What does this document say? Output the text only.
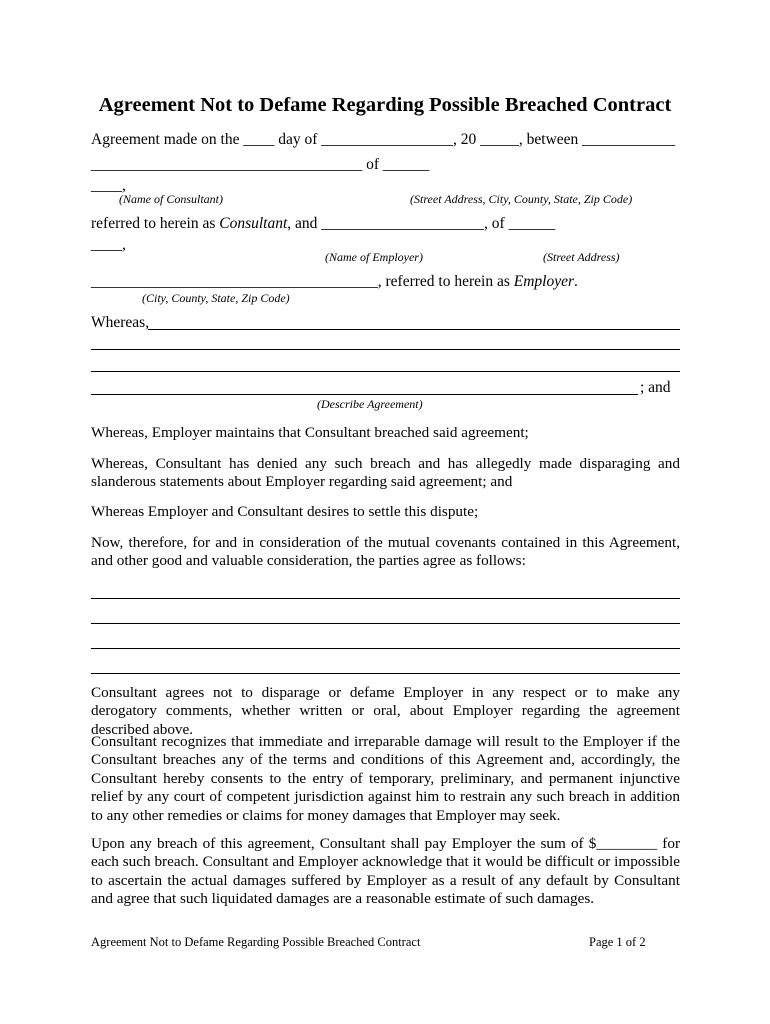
Agreement Not to Defame Regarding Possible Breached Contract
Agreement made on the ____ day of _________________, 20 _____, between ____________
___________________________________ of ______
____,
(Name of Consultant)	(Street Address, City, County, State, Zip Code)
referred to herein as Consultant, and _____________________, of ______
____,
(Name of Employer)	(Street Address)
_____________________________________, referred to herein as Employer.
(City, County, State, Zip Code)
Whereas,
; and
(Describe Agreement)
Whereas, Employer maintains that Consultant breached said agreement;
Whereas, Consultant has denied any such breach and has allegedly made disparaging and slanderous statements about Employer regarding said agreement; and
Whereas Employer and Consultant desires to settle this dispute;
Now, therefore, for and in consideration of the mutual covenants contained in this Agreement, and other good and valuable consideration, the parties agree as follows:
Consultant agrees not to disparage or defame Employer in any respect or to make any derogatory comments, whether written or oral, about Employer regarding the agreement described above.
Consultant recognizes that immediate and irreparable damage will result to the Employer if the Consultant breaches any of the terms and conditions of this Agreement and, accordingly, the Consultant hereby consents to the entry of temporary, preliminary, and permanent injunctive relief by any court of competent jurisdiction against him to restrain any such breach in addition to any other remedies or claims for money damages that Employer may seek.
Upon any breach of this agreement, Consultant shall pay Employer the sum of $________ for each such breach. Consultant and Employer acknowledge that it would be difficult or impossible to ascertain the actual damages suffered by Employer as a result of any default by Consultant and agree that such liquidated damages are a reasonable estimate of such damages.
Agreement Not to Defame Regarding Possible Breached Contract	Page 1 of 2
